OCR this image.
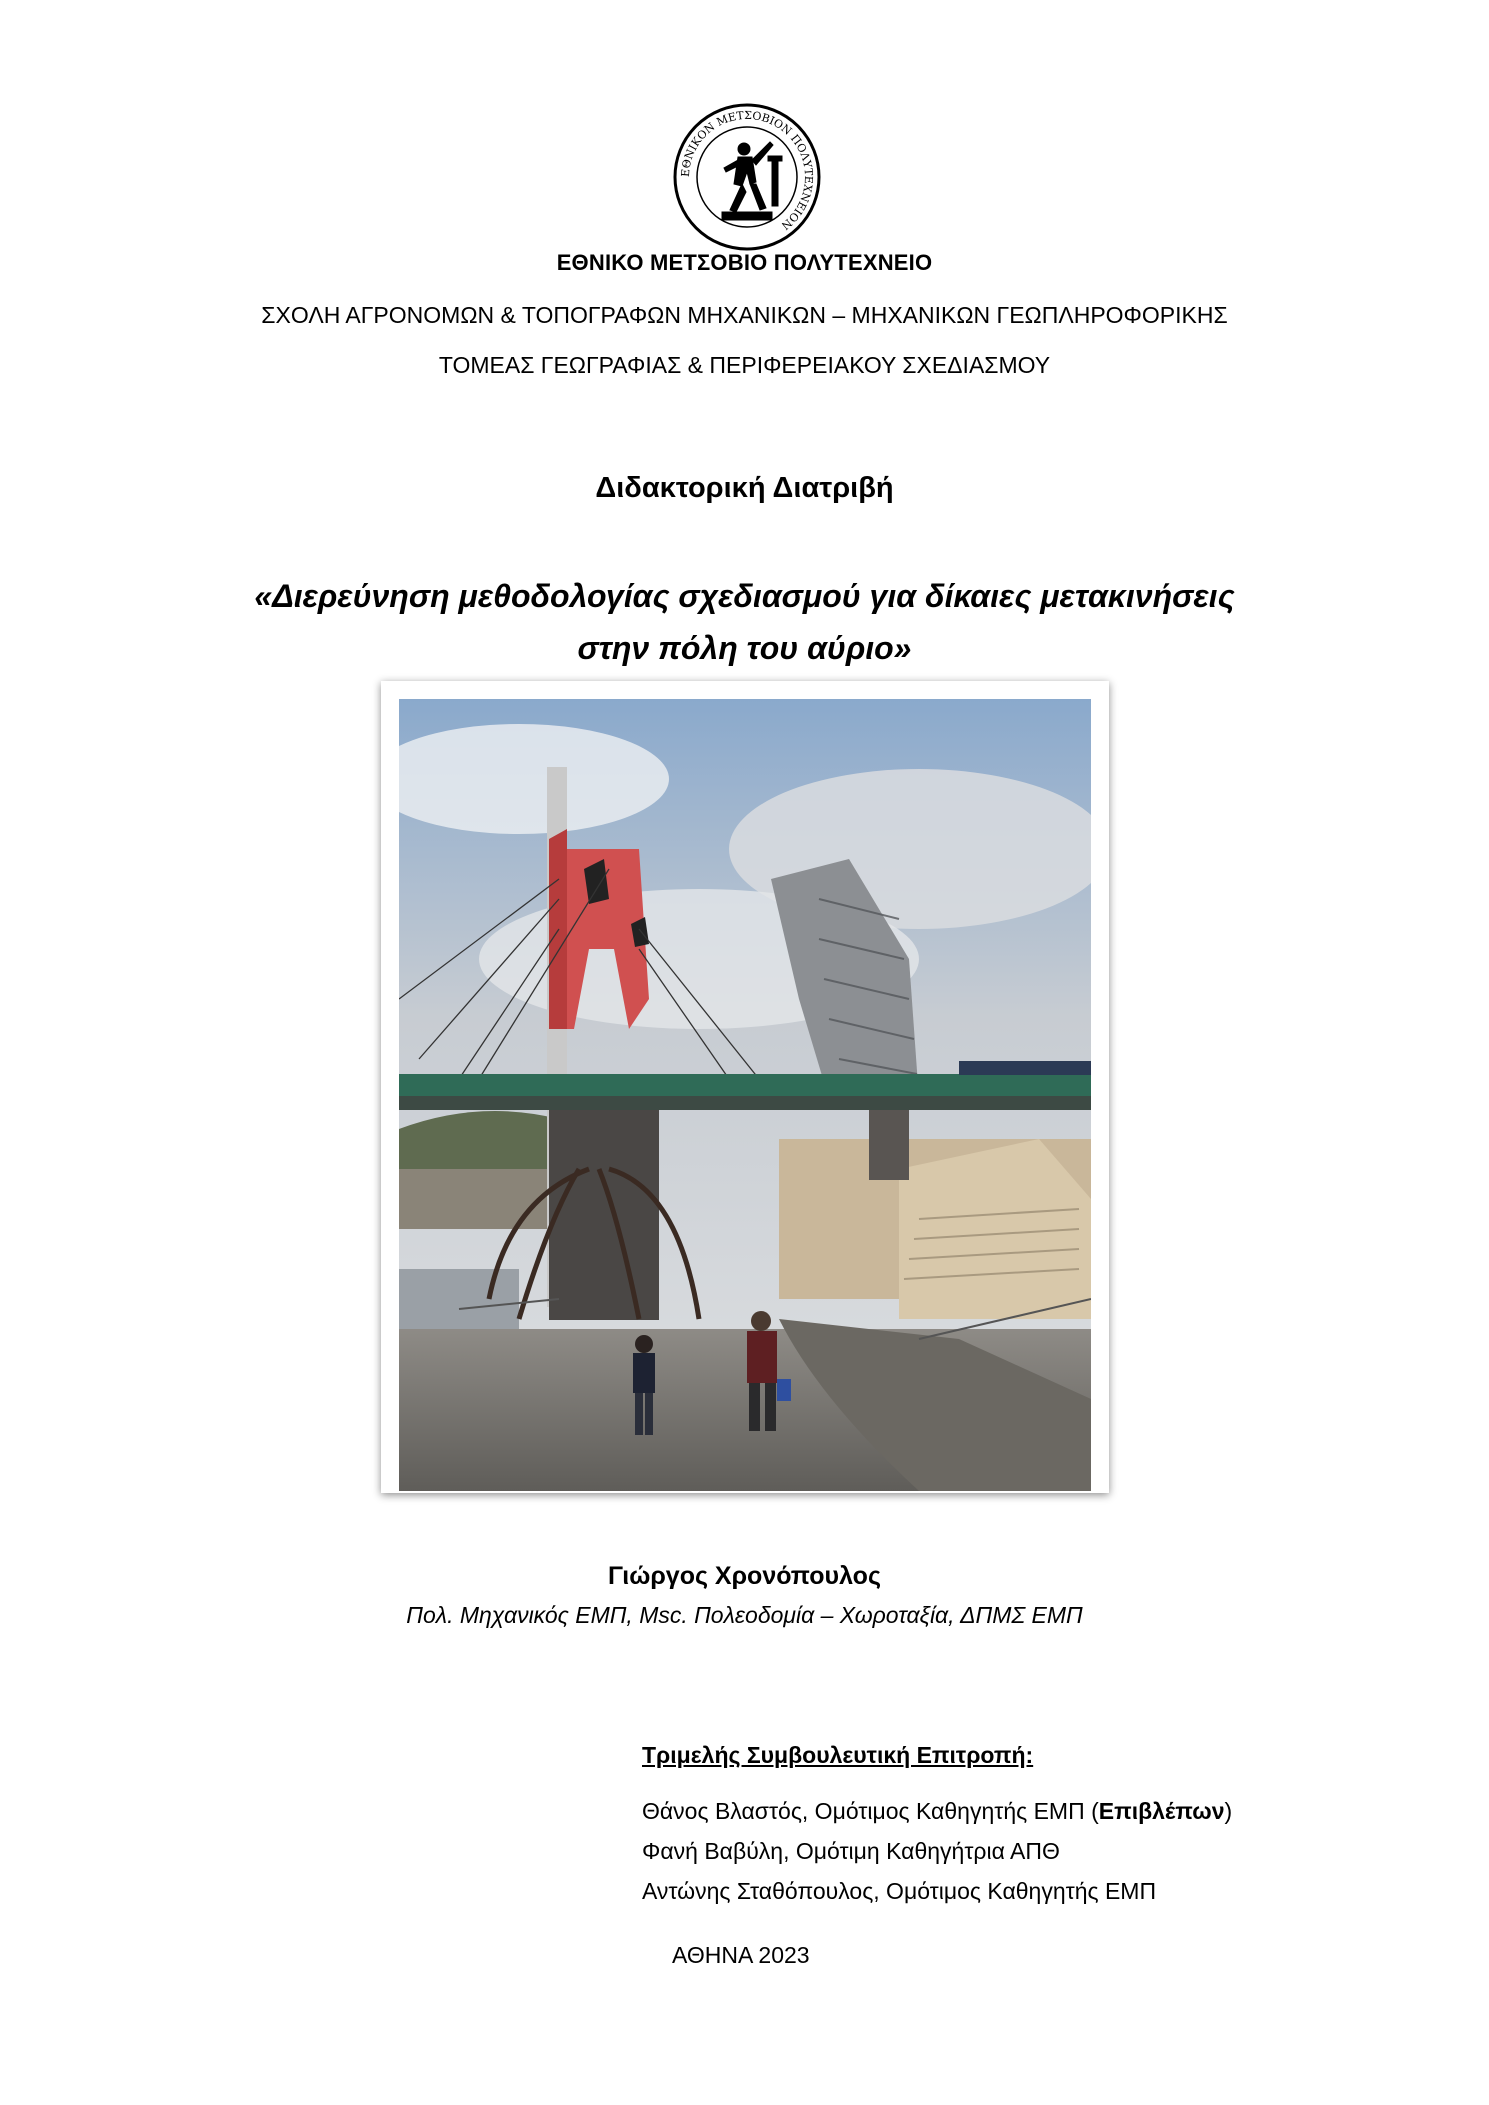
ΕΘΝΙΚΟΝ ΜΕΤΣΟΒΙΟΝ ΠΟΛΥΤΕΧΝΕΙΟΝ
ΕΘΝΙΚΟ ΜΕΤΣΟΒΙΟ ΠΟΛΥΤΕΧΝΕΙΟ
ΣΧΟΛΗ ΑΓΡΟΝΟΜΩΝ & ΤΟΠΟΓΡΑΦΩΝ ΜΗΧΑΝΙΚΩΝ – ΜΗΧΑΝΙΚΩΝ ΓΕΩΠΛΗΡΟΦΟΡΙΚΗΣ
ΤΟΜΕΑΣ ΓΕΩΓΡΑΦΙΑΣ & ΠΕΡΙΦΕΡΕΙΑΚΟΥ ΣΧΕΔΙΑΣΜΟΥ
Διδακτορική Διατριβή
«Διερεύνηση μεθοδολογίας σχεδιασμού για δίκαιες μετακινήσεις
στην πόλη του αύριο»
Γιώργος Χρονόπουλος
Πολ. Μηχανικός ΕΜΠ, Msc. Πολεοδομία – Χωροταξία, ΔΠΜΣ ΕΜΠ
Τριμελής Συμβουλευτική Επιτροπή:
Θάνος Βλαστός, Ομότιμος Καθηγητής ΕΜΠ (Επιβλέπων)
Φανή Βαβύλη, Ομότιμη Καθηγήτρια ΑΠΘ
Αντώνης Σταθόπουλος, Ομότιμος Καθηγητής ΕΜΠ
ΑΘΗΝΑ 2023
